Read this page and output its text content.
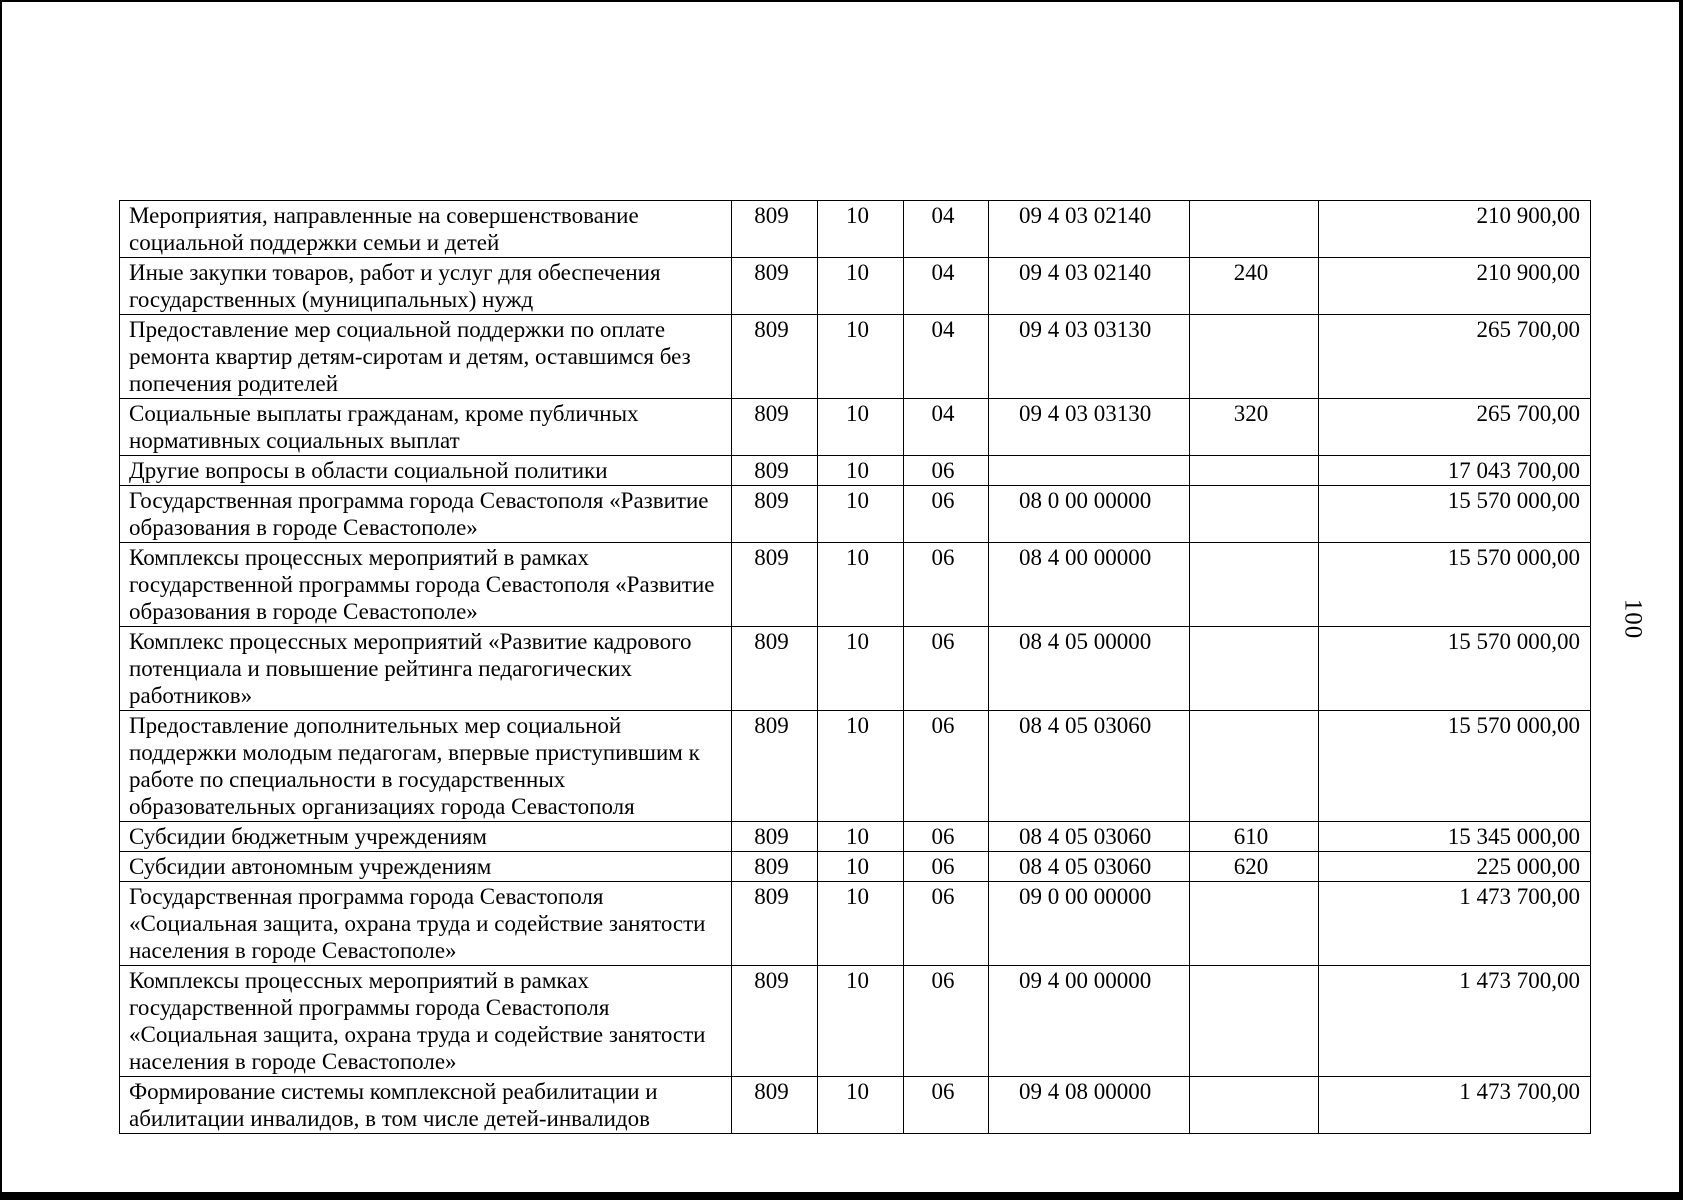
Мероприятия, направленные на совершенствование социальной поддержки семьи и детей	809	10	04	09 4 03 02140		210 900,00
Иные закупки товаров, работ и услуг для обеспечения государственных (муниципальных) нужд	809	10	04	09 4 03 02140	240	210 900,00
Предоставление мер социальной поддержки по оплате ремонта квартир детям-сиротам и детям, оставшимся без попечения родителей	809	10	04	09 4 03 03130		265 700,00
Социальные выплаты гражданам, кроме публичных нормативных социальных выплат	809	10	04	09 4 03 03130	320	265 700,00
Другие вопросы в области социальной политики	809	10	06			17 043 700,00
Государственная программа города Севастополя «Развитие образования в городе Севастополе»	809	10	06	08 0 00 00000		15 570 000,00
Комплексы процессных мероприятий в рамках государственной программы города Севастополя «Развитие образования в городе Севастополе»	809	10	06	08 4 00 00000		15 570 000,00
Комплекс процессных мероприятий «Развитие кадрового потенциала и повышение рейтинга педагогических работников»	809	10	06	08 4 05 00000		15 570 000,00
Предоставление дополнительных мер социальной поддержки молодым педагогам, впервые приступившим к работе по специальности в государственных образовательных организациях города Севастополя	809	10	06	08 4 05 03060		15 570 000,00
Субсидии бюджетным учреждениям	809	10	06	08 4 05 03060	610	15 345 000,00
Субсидии автономным учреждениям	809	10	06	08 4 05 03060	620	225 000,00
Государственная программа города Севастополя «Социальная защита, охрана труда и содействие занятости населения в городе Севастополе»	809	10	06	09 0 00 00000		1 473 700,00
Комплексы процессных мероприятий в рамках государственной программы города Севастополя «Социальная защита, охрана труда и содействие занятости населения в городе Севастополе»	809	10	06	09 4 00 00000		1 473 700,00
Формирование системы комплексной реабилитации и абилитации инвалидов, в том числе детей-инвалидов	809	10	06	09 4 08 00000		1 473 700,00
100
